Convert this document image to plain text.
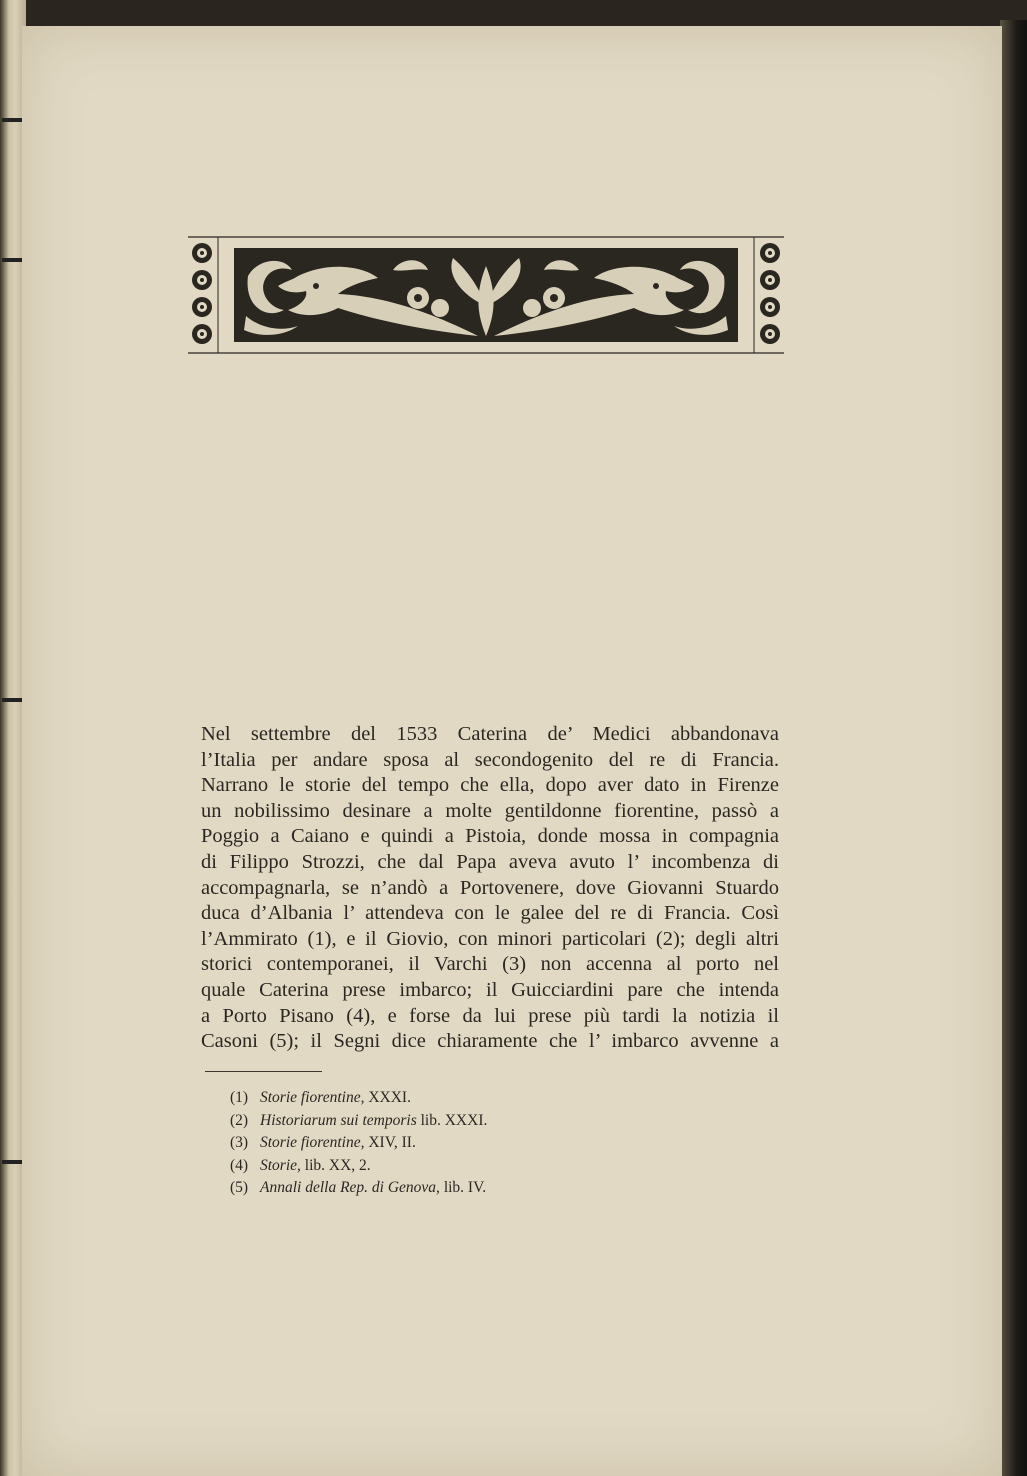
Nel settembre del 1533 Caterina de’ Medici abbandonava
l’Italia per andare sposa al secondogenito del re di Francia.
Narrano le storie del tempo che ella, dopo aver dato in Firenze
un nobilissimo desinare a molte gentildonne fiorentine, passò a
Poggio a Caiano e quindi a Pistoia, donde mossa in compagnia
di Filippo Strozzi, che dal Papa aveva avuto l’ incombenza di
accompagnarla, se n’andò a Portovenere, dove Giovanni Stuardo
duca d’Albania l’ attendeva con le galee del re di Francia. Così
l’Ammirato (1), e il Giovio, con minori particolari (2); degli altri
storici contemporanei, il Varchi (3) non accenna al porto nel
quale Caterina prese imbarco; il Guicciardini pare che intenda
a Porto Pisano (4), e forse da lui prese più tardi la notizia il
Casoni (5); il Segni dice chiaramente che l’ imbarco avvenne a

(1) Storie fiorentine, XXXI.
(2) Historiarum sui temporis lib. XXXI.
(3) Storie fiorentine, XIV, II.
(4) Storie, lib. XX, 2.
(5) Annali della Rep. di Genova, lib. IV.
